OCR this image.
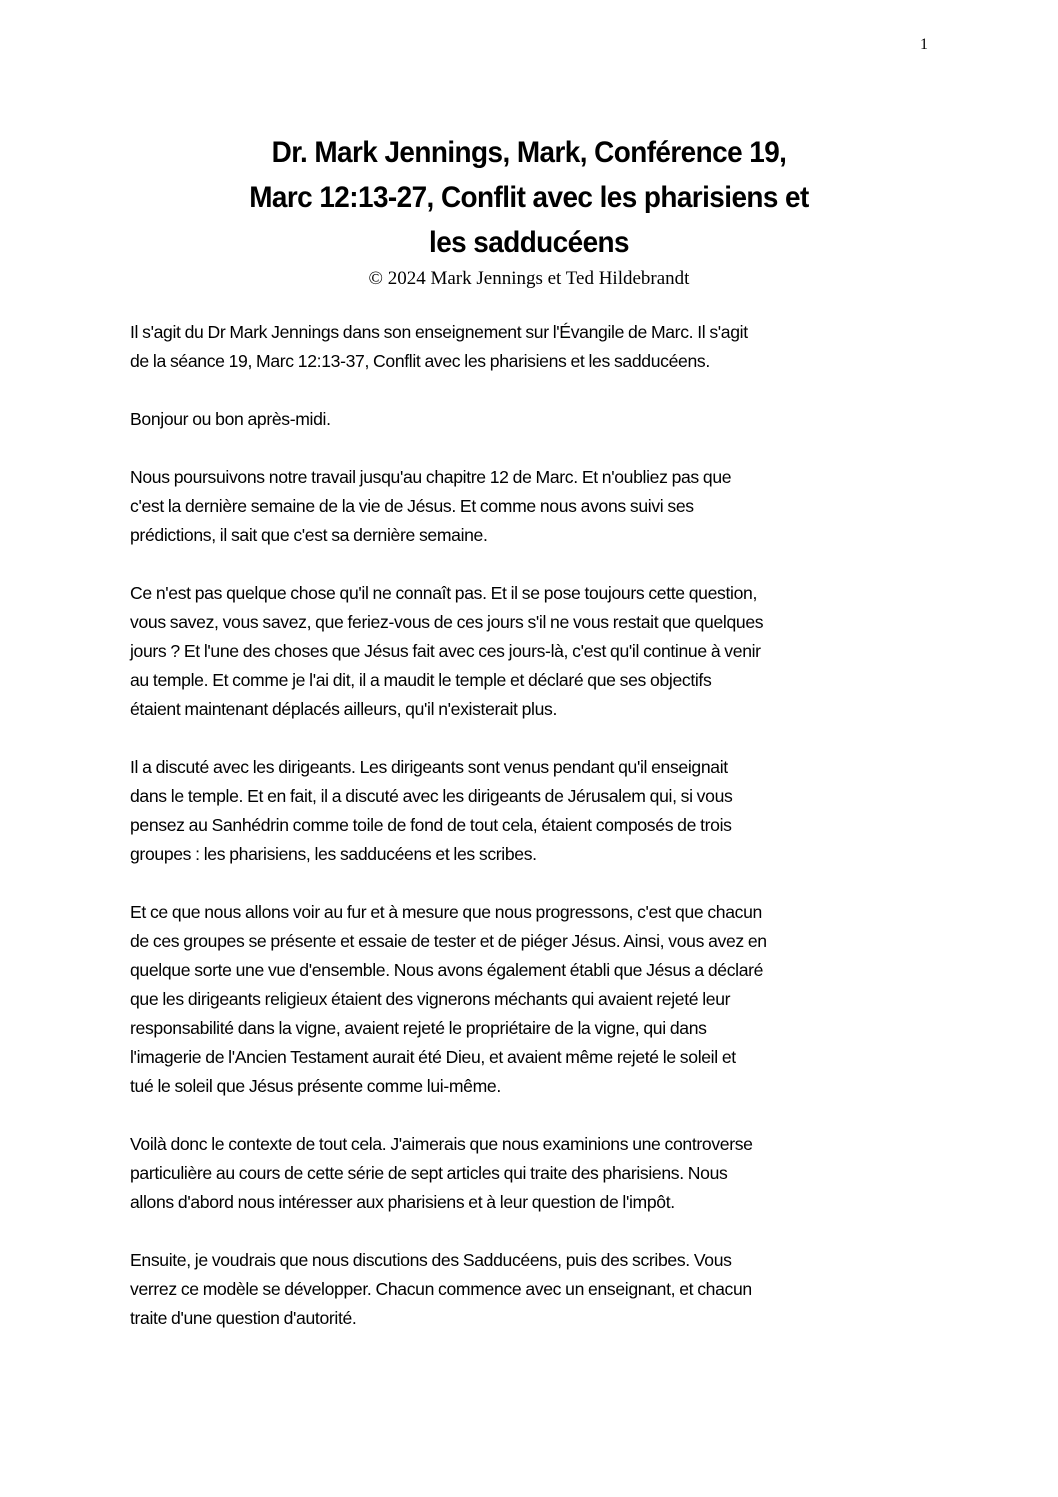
1
Dr. Mark Jennings, Mark, Conférence 19,
Marc 12:13-27, Conflit avec les pharisiens et
les sadducéens

© 2024 Mark Jennings et Ted Hildebrandt

Il s'agit du Dr Mark Jennings dans son enseignement sur l'Évangile de Marc. Il s'agit
de la séance 19, Marc 12:13-37, Conflit avec les pharisiens et les sadducéens.

Bonjour ou bon après-midi.

Nous poursuivons notre travail jusqu'au chapitre 12 de Marc. Et n'oubliez pas que
c'est la dernière semaine de la vie de Jésus. Et comme nous avons suivi ses
prédictions, il sait que c'est sa dernière semaine.

Ce n'est pas quelque chose qu'il ne connaît pas. Et il se pose toujours cette question,
vous savez, vous savez, que feriez-vous de ces jours s'il ne vous restait que quelques
jours ? Et l'une des choses que Jésus fait avec ces jours-là, c'est qu'il continue à venir
au temple. Et comme je l'ai dit, il a maudit le temple et déclaré que ses objectifs
étaient maintenant déplacés ailleurs, qu'il n'existerait plus.

Il a discuté avec les dirigeants. Les dirigeants sont venus pendant qu'il enseignait
dans le temple. Et en fait, il a discuté avec les dirigeants de Jérusalem qui, si vous
pensez au Sanhédrin comme toile de fond de tout cela, étaient composés de trois
groupes : les pharisiens, les sadducéens et les scribes.

Et ce que nous allons voir au fur et à mesure que nous progressons, c'est que chacun
de ces groupes se présente et essaie de tester et de piéger Jésus. Ainsi, vous avez en
quelque sorte une vue d'ensemble. Nous avons également établi que Jésus a déclaré
que les dirigeants religieux étaient des vignerons méchants qui avaient rejeté leur
responsabilité dans la vigne, avaient rejeté le propriétaire de la vigne, qui dans
l'imagerie de l'Ancien Testament aurait été Dieu, et avaient même rejeté le soleil et
tué le soleil que Jésus présente comme lui-même.

Voilà donc le contexte de tout cela. J'aimerais que nous examinions une controverse
particulière au cours de cette série de sept articles qui traite des pharisiens. Nous
allons d'abord nous intéresser aux pharisiens et à leur question de l'impôt.

Ensuite, je voudrais que nous discutions des Sadducéens, puis des scribes. Vous
verrez ce modèle se développer. Chacun commence avec un enseignant, et chacun
traite d'une question d'autorité.
